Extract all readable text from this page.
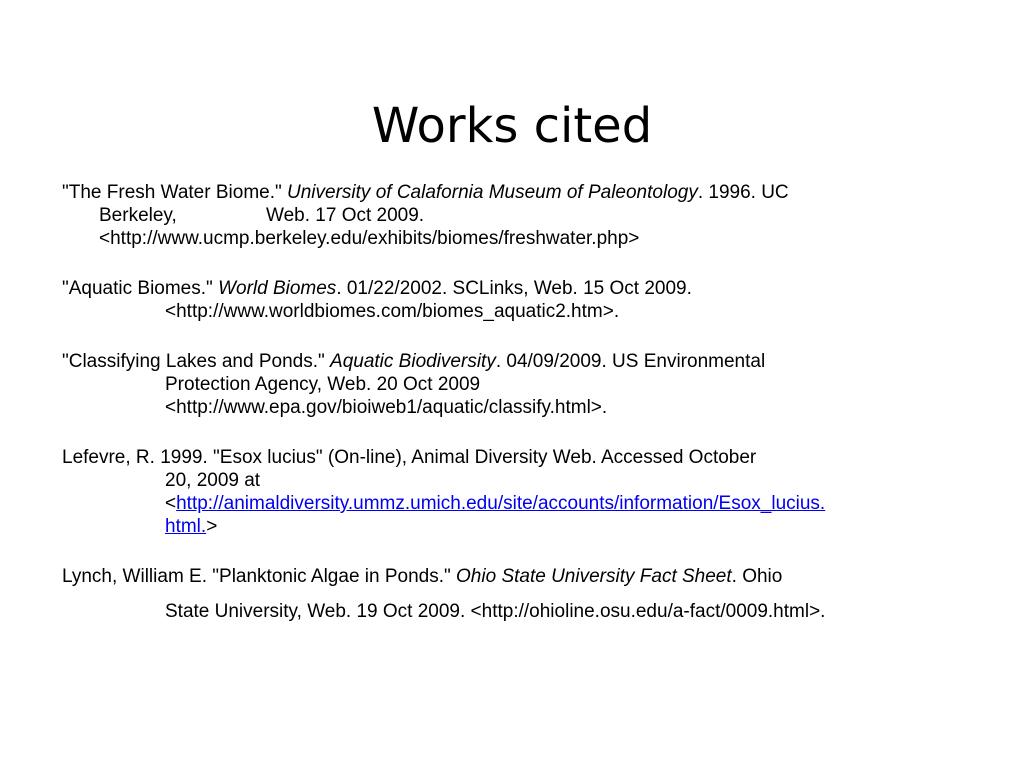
Works cited
"The Fresh Water Biome." University of Calafornia Museum of Paleontology. 1996. UC
Berkeley,	Web. 17 Oct 2009.
<http://www.ucmp.berkeley.edu/exhibits/biomes/freshwater.php>
"Aquatic Biomes." World Biomes. 01/22/2002. SCLinks, Web. 15 Oct 2009.
<http://www.worldbiomes.com/biomes_aquatic2.htm>.
"Classifying Lakes and Ponds." Aquatic Biodiversity. 04/09/2009. US Environmental
Protection Agency, Web. 20 Oct 2009
<http://www.epa.gov/bioiweb1/aquatic/classify.html>.
Lefevre, R. 1999. "Esox lucius" (On-line), Animal Diversity Web. Accessed October
20, 2009 at
<http://animaldiversity.ummz.umich.edu/site/accounts/information/Esox_lucius.
html.>
Lynch, William E. "Planktonic Algae in Ponds." Ohio State University Fact Sheet. Ohio
State University, Web. 19 Oct 2009. <http://ohioline.osu.edu/a-fact/0009.html>.
